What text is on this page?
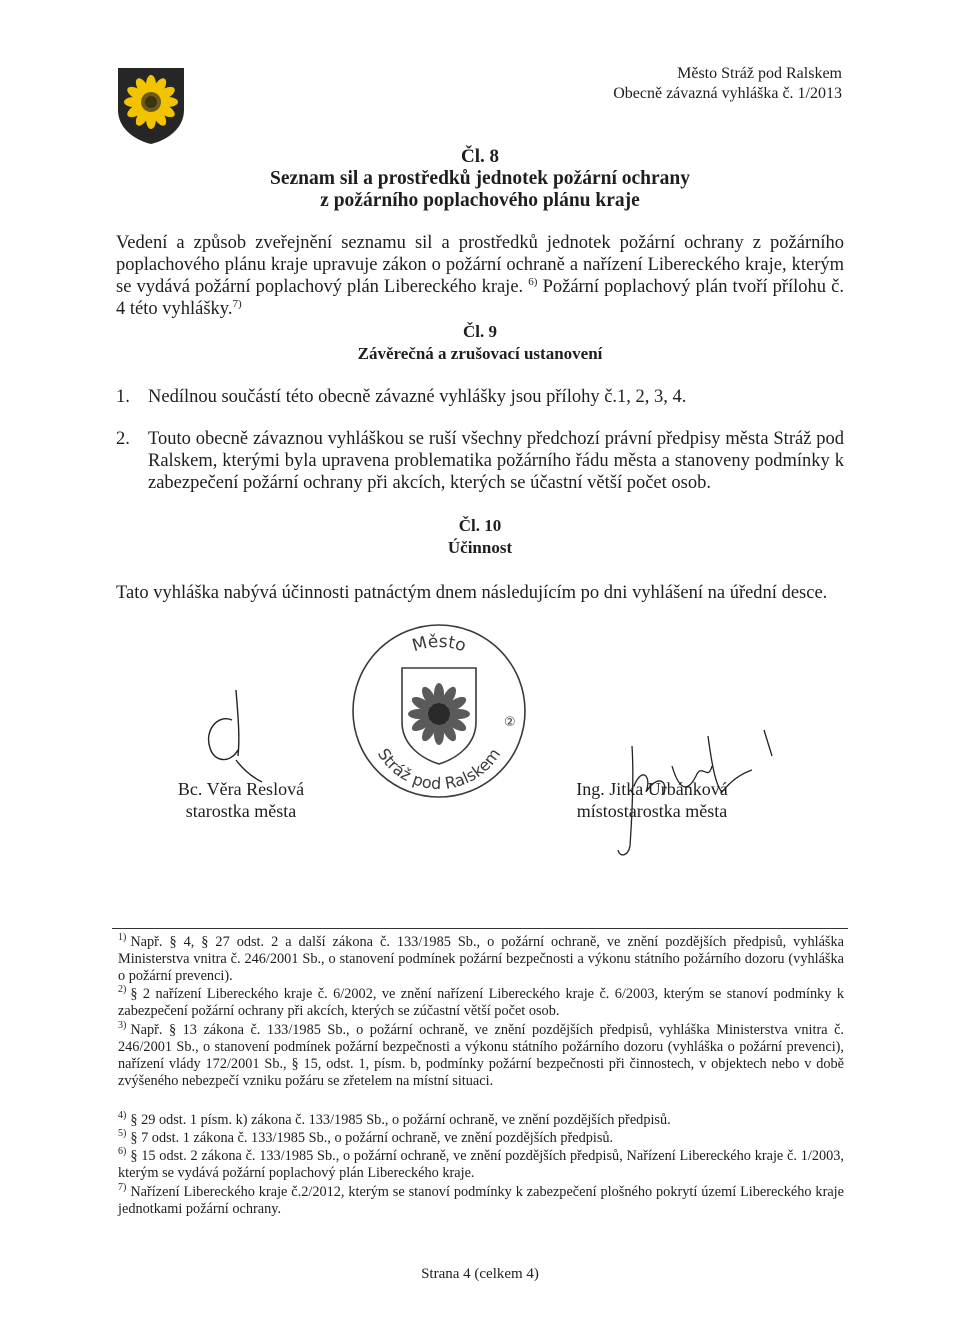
Město Stráž pod Ralskem
Obecně závazná vyhláška č. 1/2013
Čl. 8
Seznam sil a prostředků jednotek požární ochrany
z požárního poplachového plánu kraje
Vedení a způsob zveřejnění seznamu sil a prostředků jednotek požární ochrany z požárního poplachového plánu kraje upravuje zákon o požární ochraně a nařízení Libereckého kraje, kterým se vydává požární poplachový plán Libereckého kraje. $^{6)}$ Požární poplachový plán tvoří přílohu č. 4 této vyhlášky.$^{7)}$
Čl. 9
Závěrečná a zrušovací ustanovení
1. Nedílnou součástí této obecně závazné vyhlášky jsou přílohy č.1, 2, 3, 4.
2. Touto obecně závaznou vyhláškou se ruší všechny předchozí právní předpisy města Stráž pod Ralskem, kterými byla upravena problematika požárního řádu města a stanoveny podmínky k zabezpečení požární ochrany při akcích, kterých se účastní větší počet osob.
Čl. 10
Účinnost
Tato vyhláška nabývá účinnosti patnáctým dnem následujícím po dni vyhlášení na úřední desce.
Město
Stráž pod Ralskem
②
Bc. Věra Reslová
starostka města
Ing. Jitka Urbánková
místostarostka města
$^{1)}$ Např. § 4, § 27 odst. 2 a další zákona č. 133/1985 Sb., o požární ochraně, ve znění pozdějších předpisů, vyhláška Ministerstva vnitra č. 246/2001 Sb., o stanovení podmínek požární bezpečnosti a výkonu státního požárního dozoru (vyhláška o požární prevenci).
$^{2)}$ § 2 nařízení Libereckého kraje č. 6/2002, ve znění nařízení Libereckého kraje č. 6/2003, kterým se stanoví podmínky k zabezpečení požární ochrany při akcích, kterých se zúčastní větší počet osob.
$^{3)}$ Např. § 13 zákona č. 133/1985 Sb., o požární ochraně, ve znění pozdějších předpisů, vyhláška Ministerstva vnitra č. 246/2001 Sb., o stanovení podmínek požární bezpečnosti a výkonu státního požárního dozoru (vyhláška o požární prevenci), nařízení vlády 172/2001 Sb., § 15, odst. 1, písm. b, podmínky požární bezpečnosti při činnostech, v objektech nebo v době zvýšeného nebezpečí vzniku požáru se zřetelem na místní situaci.
$^{4)}$ § 29 odst. 1 písm. k) zákona č. 133/1985 Sb., o požární ochraně, ve znění pozdějších předpisů.
$^{5)}$ § 7 odst. 1 zákona č. 133/1985 Sb., o požární ochraně, ve znění pozdějších předpisů.
$^{6)}$ § 15 odst. 2 zákona č. 133/1985 Sb., o požární ochraně, ve znění pozdějších předpisů, Nařízení Libereckého kraje č. 1/2003, kterým se vydává požární poplachový plán Libereckého kraje.
$^{7)}$ Nařízení Libereckého kraje č.2/2012, kterým se stanoví podmínky k zabezpečení plošného pokrytí území Libereckého kraje jednotkami požární ochrany.
Strana 4 (celkem 4)
